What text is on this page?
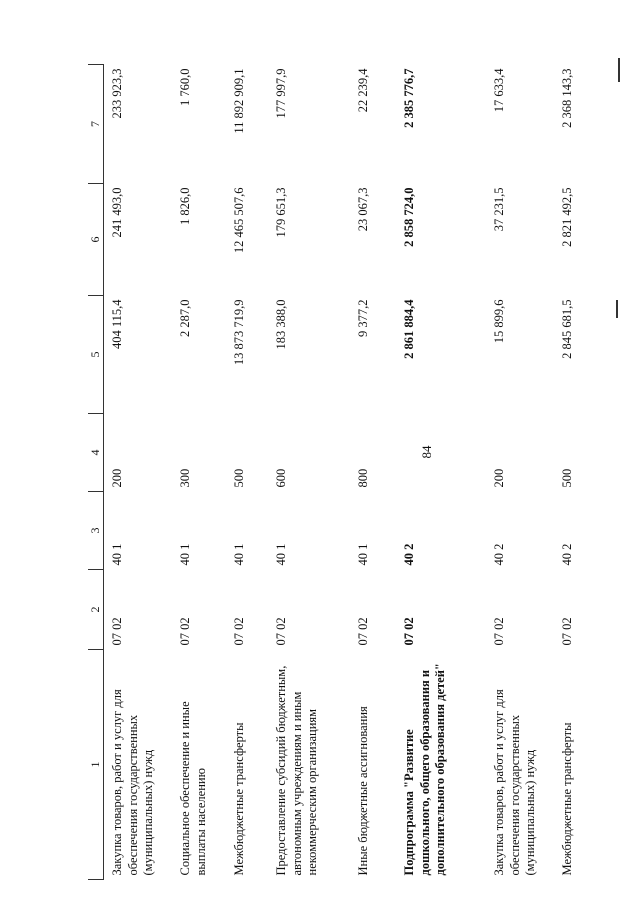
84
1	2	3	4	5	6	7
Закупка товаров, работ и услуг для обеспечения государственных (муниципальных) нужд	07 02	40 1	200	404 115,4	241 493,0	233 923,3
Социальное обеспечение и иные выплаты населению	07 02	40 1	300	2 287,0	1 826,0	1 760,0
Межбюджетные трансферты	07 02	40 1	500	13 873 719,9	12 465 507,6	11 892 909,1
Предоставление субсидий бюджетным, автономным учреждениям и иным некоммерческим организациям	07 02	40 1	600	183 388,0	179 651,3	177 997,9
Иные бюджетные ассигнования	07 02	40 1	800	9 377,2	23 067,3	22 239,4
Подпрограмма "Развитие дошкольного, общего образования и дополнительного образования детей"	07 02	40 2		2 861 884,4	2 858 724,0	2 385 776,7
Закупка товаров, работ и услуг для обеспечения государственных (муниципальных) нужд	07 02	40 2	200	15 899,6	37 231,5	17 633,4
Межбюджетные трансферты	07 02	40 2	500	2 845 681,5	2 821 492,5	2 368 143,3
